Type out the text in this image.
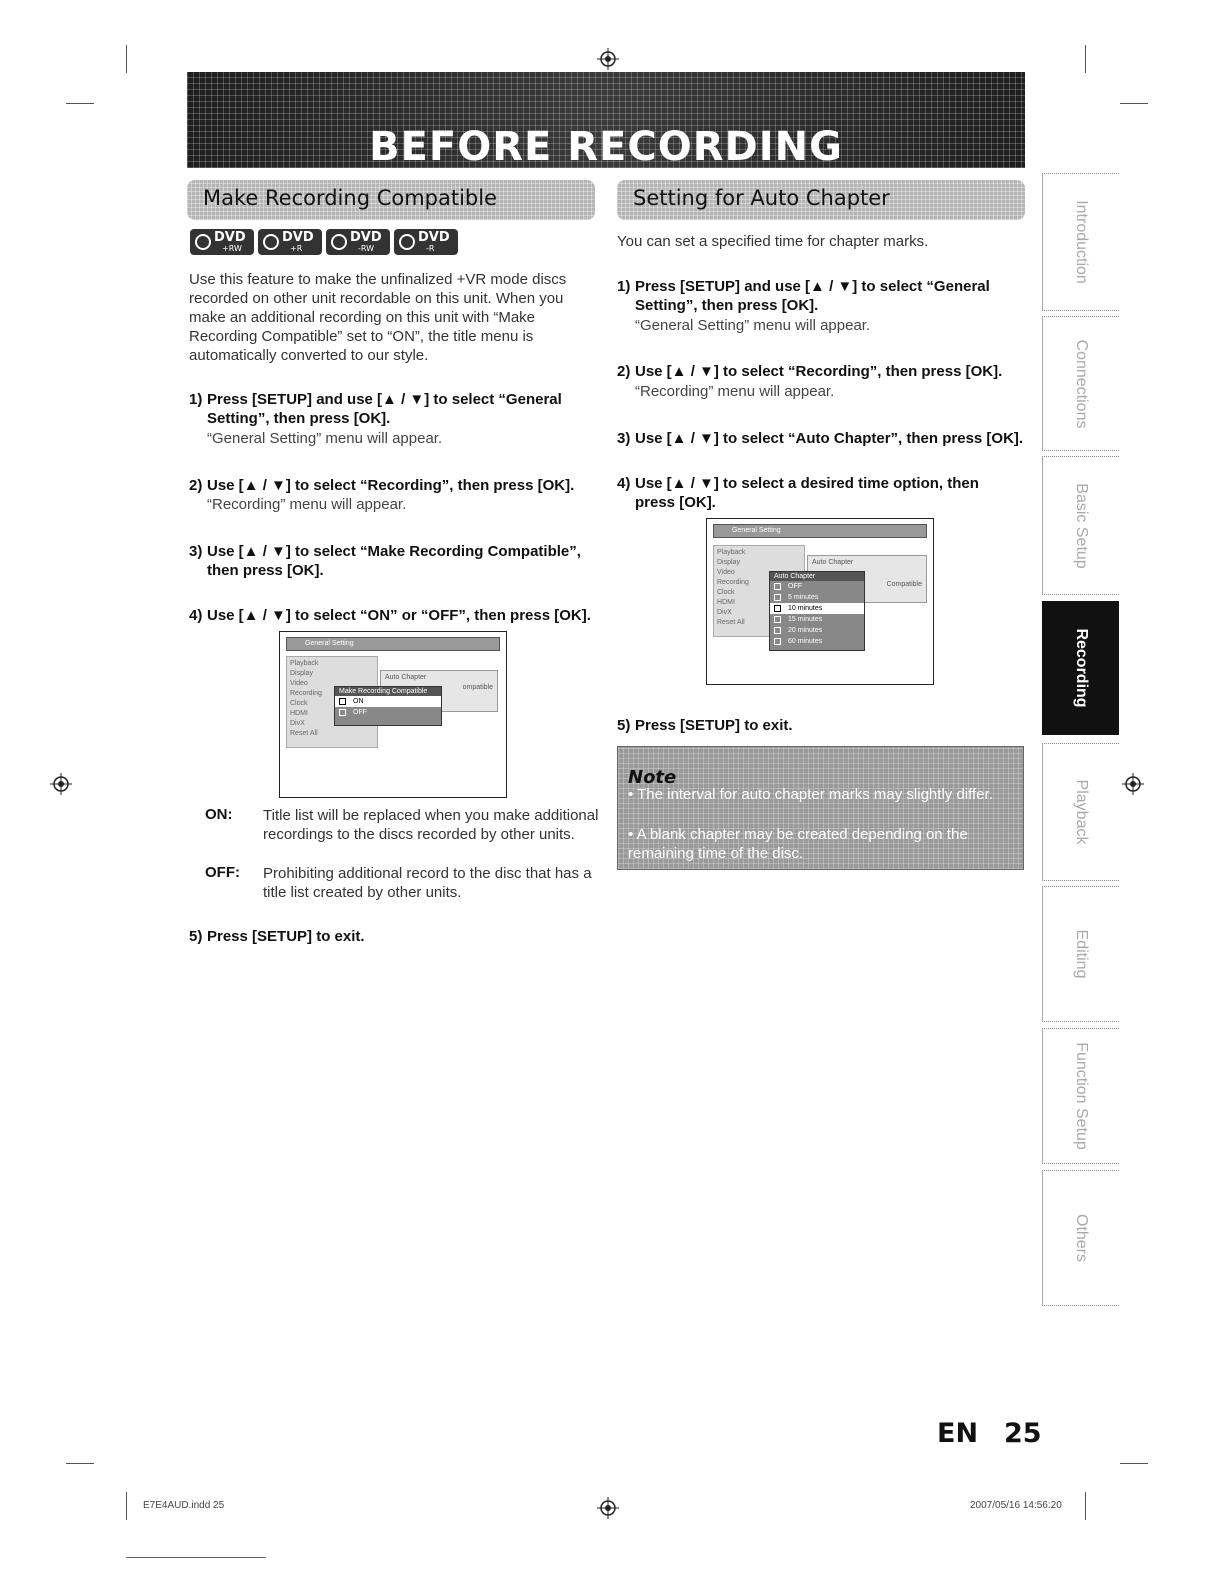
BEFORE RECORDING
Make Recording Compatible
DVD
+RW
DVD
+R
DVD
-RW
DVD
-R

Use this feature to make the unfinalized +VR mode discs recorded on other unit recordable on this unit. When you make an additional recording on this unit with “Make Recording Compatible” set to “ON”, the title menu is automatically converted to our style.

1) Press [SETUP] and use [▲ / ▼] to select “General
Setting”, then press [OK].
“General Setting” menu will appear.
2) Use [▲ / ▼] to select “Recording”, then press [OK].
“Recording” menu will appear.
3) Use [▲ / ▼] to select “Make Recording Compatible”,
then press [OK].
4) Use [▲ / ▼] to select “ON” or “OFF”, then press [OK].
General Setting
Playback
Display
Video
Recording
Clock
HDMI
DivX
Reset All
Auto Chapter
ompatible
Make Recording Compatible
ON
OFF
ON: Title list will be replaced when you make additional recordings to the discs recorded by other units.
OFF: Prohibiting additional record to the disc that has a title list created by other units.
5) Press [SETUP] to exit.
Setting for Auto Chapter

You can set a specified time for chapter marks.

1) Press [SETUP] and use [▲ / ▼] to select “General
Setting”, then press [OK].
“General Setting” menu will appear.
2) Use [▲ / ▼] to select “Recording”, then press [OK].
“Recording” menu will appear.
3) Use [▲ / ▼] to select “Auto Chapter”, then press [OK].
4) Use [▲ / ▼] to select a desired time option, then
press [OK].
General Setting
Playback
Display
Video
Recording
Clock
HDMI
DivX
Reset All
Auto Chapter
Compatible
Auto Chapter
OFF
5 minutes
10 minutes
15 minutes
20 minutes
60 minutes
5) Press [SETUP] to exit.
Note
• The interval for auto chapter marks may slightly differ.
• A blank chapter may be created depending on the remaining time of the disc.
Introduction
Connections
Basic Setup
Recording
Playback
Editing
Function Setup
Others
EN 25
E7E4AUD.indd 25	2007/05/16 14:56:20
